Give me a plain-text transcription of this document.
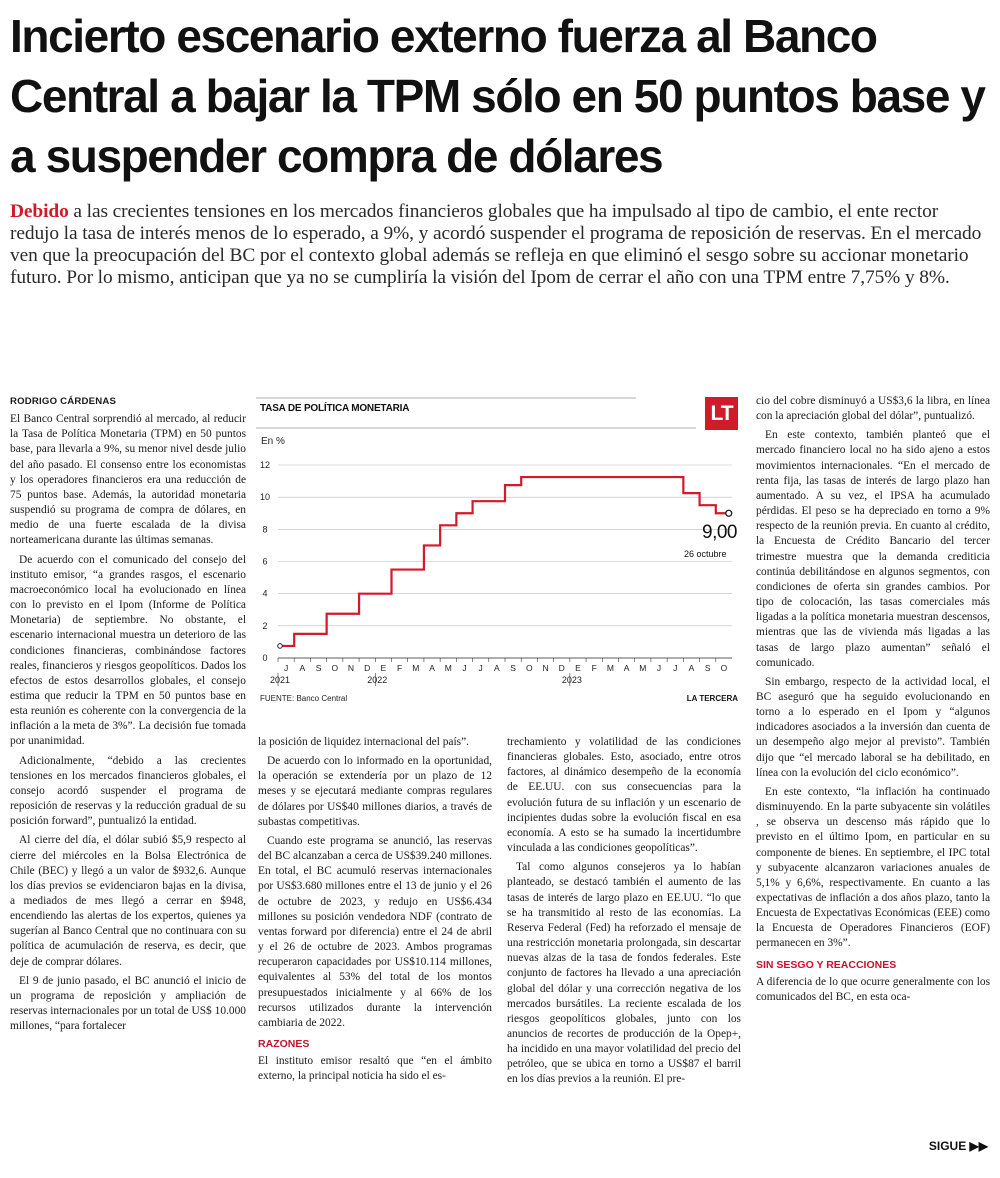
Incierto escenario externo fuerza al Banco Central a bajar la TPM sólo en 50 puntos base y a suspender compra de dólares

Debido a las crecientes tensiones en los mercados financieros globales que ha impulsado al tipo de cambio, el ente rector redujo la tasa de interés menos de lo esperado, a 9%, y acordó suspender el programa de reposición de reservas. En el mercado ven que la preocupación del BC por el contexto global además se refleja en que eliminó el sesgo sobre su accionar monetario futuro. Por lo mismo, anticipan que ya no se cumpliría la visión del Ipom de cerrar el año con una TPM entre 7,75% y 8%.

RODRIGO CÁRDENAS

El Banco Central sorprendió al mercado, al reducir la Tasa de Política Monetaria (TPM) en 50 puntos base, para llevarla a 9%, su menor nivel desde julio del año pasado. El consenso entre los economistas y los operadores financieros era una reducción de 75 puntos base. Además, la autoridad monetaria suspendió su programa de compra de dólares, en medio de una fuerte escalada de la divisa norteamericana durante las últimas semanas.

De acuerdo con el comunicado del consejo del instituto emisor, “a grandes rasgos, el escenario macroeconómico local ha evolucionado en línea con lo previsto en el Ipom (Informe de Política Monetaria) de septiembre. No obstante, el escenario internacional muestra un deterioro de las condiciones financieras, combinándose factores reales, financieros y riesgos geopolíticos. Dados los efectos de estos desarrollos globales, el consejo estima que reducir la TPM en 50 puntos base en esta reunión es coherente con la convergencia de la inflación a la meta de 3%”. La decisión fue tomada por unanimidad.

Adicionalmente, “debido a las crecientes tensiones en los mercados financieros globales, el consejo acordó suspender el programa de reposición de reservas y la reducción gradual de su posición forward”, puntualizó la entidad.

Al cierre del día, el dólar subió $5,9 respecto al cierre del miércoles en la Bolsa Electrónica de Chile (BEC) y llegó a un valor de $932,6. Aunque los días previos se evidenciaron bajas en la divisa, a mediados de mes llegó a cerrar en $948, encendiendo las alertas de los expertos, quienes ya sugerían al Banco Central que no continuara con su política de acumulación de reserva, es decir, que deje de comprar dólares.

El 9 de junio pasado, el BC anunció el inicio de un programa de reposición y ampliación de reservas internacionales por un total de US$ 10.000 millones, “para fortalecer

TASA DE POLÍTICA MONETARIA	LT
En %
0
2
4
6
8
10
12
J A S O N D E F M A M J J A S O N D E F M A M J J A S O
2021	2022	2023
9,00
26 octubre
FUENTE: Banco Central	LA TERCERA

la posición de liquidez internacional del país”.

De acuerdo con lo informado en la oportunidad, la operación se extendería por un plazo de 12 meses y se ejecutará mediante compras regulares de dólares por US$40 millones diarios, a través de subastas competitivas.

Cuando este programa se anunció, las reservas del BC alcanzaban a cerca de US$39.240 millones. En total, el BC acumuló reservas internacionales por US$3.680 millones entre el 13 de junio y el 26 de octubre de 2023, y redujo en US$6.434 millones su posición vendedora NDF (contrato de ventas forward por diferencia) entre el 24 de abril y el 26 de octubre de 2023. Ambos programas recuperaron capacidades por US$10.114 millones, equivalentes al 53% del total de los montos presupuestados inicialmente y al 66% de los recursos utilizados durante la intervención cambiaria de 2022.

RAZONES

El instituto emisor resaltó que “en el ámbito externo, la principal noticia ha sido el es-

trechamiento y volatilidad de las condiciones financieras globales. Esto, asociado, entre otros factores, al dinámico desempeño de la economía de EE.UU. con sus consecuencias para la evolución futura de su inflación y un escenario de incipientes dudas sobre la evolución fiscal en esa economía. A esto se ha sumado la incertidumbre vinculada a las condiciones geopolíticas”.

Tal como algunos consejeros ya lo habían planteado, se destacó también el aumento de las tasas de interés de largo plazo en EE.UU. “lo que se ha transmitido al resto de las economías. La Reserva Federal (Fed) ha reforzado el mensaje de una restricción monetaria prolongada, sin descartar nuevas alzas de la tasa de fondos federales. Este conjunto de factores ha llevado a una apreciación global del dólar y una corrección negativa de los mercados bursátiles. La reciente escalada de los riesgos geopolíticos globales, junto con los anuncios de recortes de producción de la Opep+, ha incidido en una mayor volatilidad del precio del petróleo, que se ubica en torno a US$87 el barril en los días previos a la reunión. El pre-

cio del cobre disminuyó a US$3,6 la libra, en línea con la apreciación global del dólar”, puntualizó.

En este contexto, también planteó que el mercado financiero local no ha sido ajeno a estos movimientos internacionales. “En el mercado de renta fija, las tasas de interés de largo plazo han aumentado. A su vez, el IPSA ha acumulado pérdidas. El peso se ha depreciado en torno a 9% respecto de la reunión previa. En cuanto al crédito, la Encuesta de Crédito Bancario del tercer trimestre muestra que la demanda crediticia continúa debilitándose en algunos segmentos, con condiciones de oferta sin grandes cambios. Por tipo de colocación, las tasas comerciales más ligadas a la política monetaria muestran descensos, mientras que las de vivienda más ligadas a las tasas de largo plazo aumentan” señaló el comunicado.

Sin embargo, respecto de la actividad local, el BC aseguró que ha seguido evolucionando en torno a lo esperado en el Ipom y “algunos indicadores asociados a la inversión dan cuenta de un desempeño algo mejor al previsto”. También dijo que “el mercado laboral se ha debilitado, en línea con la evolución del ciclo económico”.

En este contexto, “la inflación ha continuado disminuyendo. En la parte subyacente sin volátiles , se observa un descenso más rápido que lo previsto en el último Ipom, en particular en su componente de bienes. En septiembre, el IPC total y subyacente alcanzaron variaciones anuales de 5,1% y 6,6%, respectivamente. En cuanto a las expectativas de inflación a dos años plazo, tanto la Encuesta de Expectativas Económicas (EEE) como la Encuesta de Operadores Financieros (EOF) permanecen en 3%”.

SIN SESGO Y REACCIONES

A diferencia de lo que ocurre generalmente con los comunicados del BC, en esta oca-

SIGUE ▶▶
